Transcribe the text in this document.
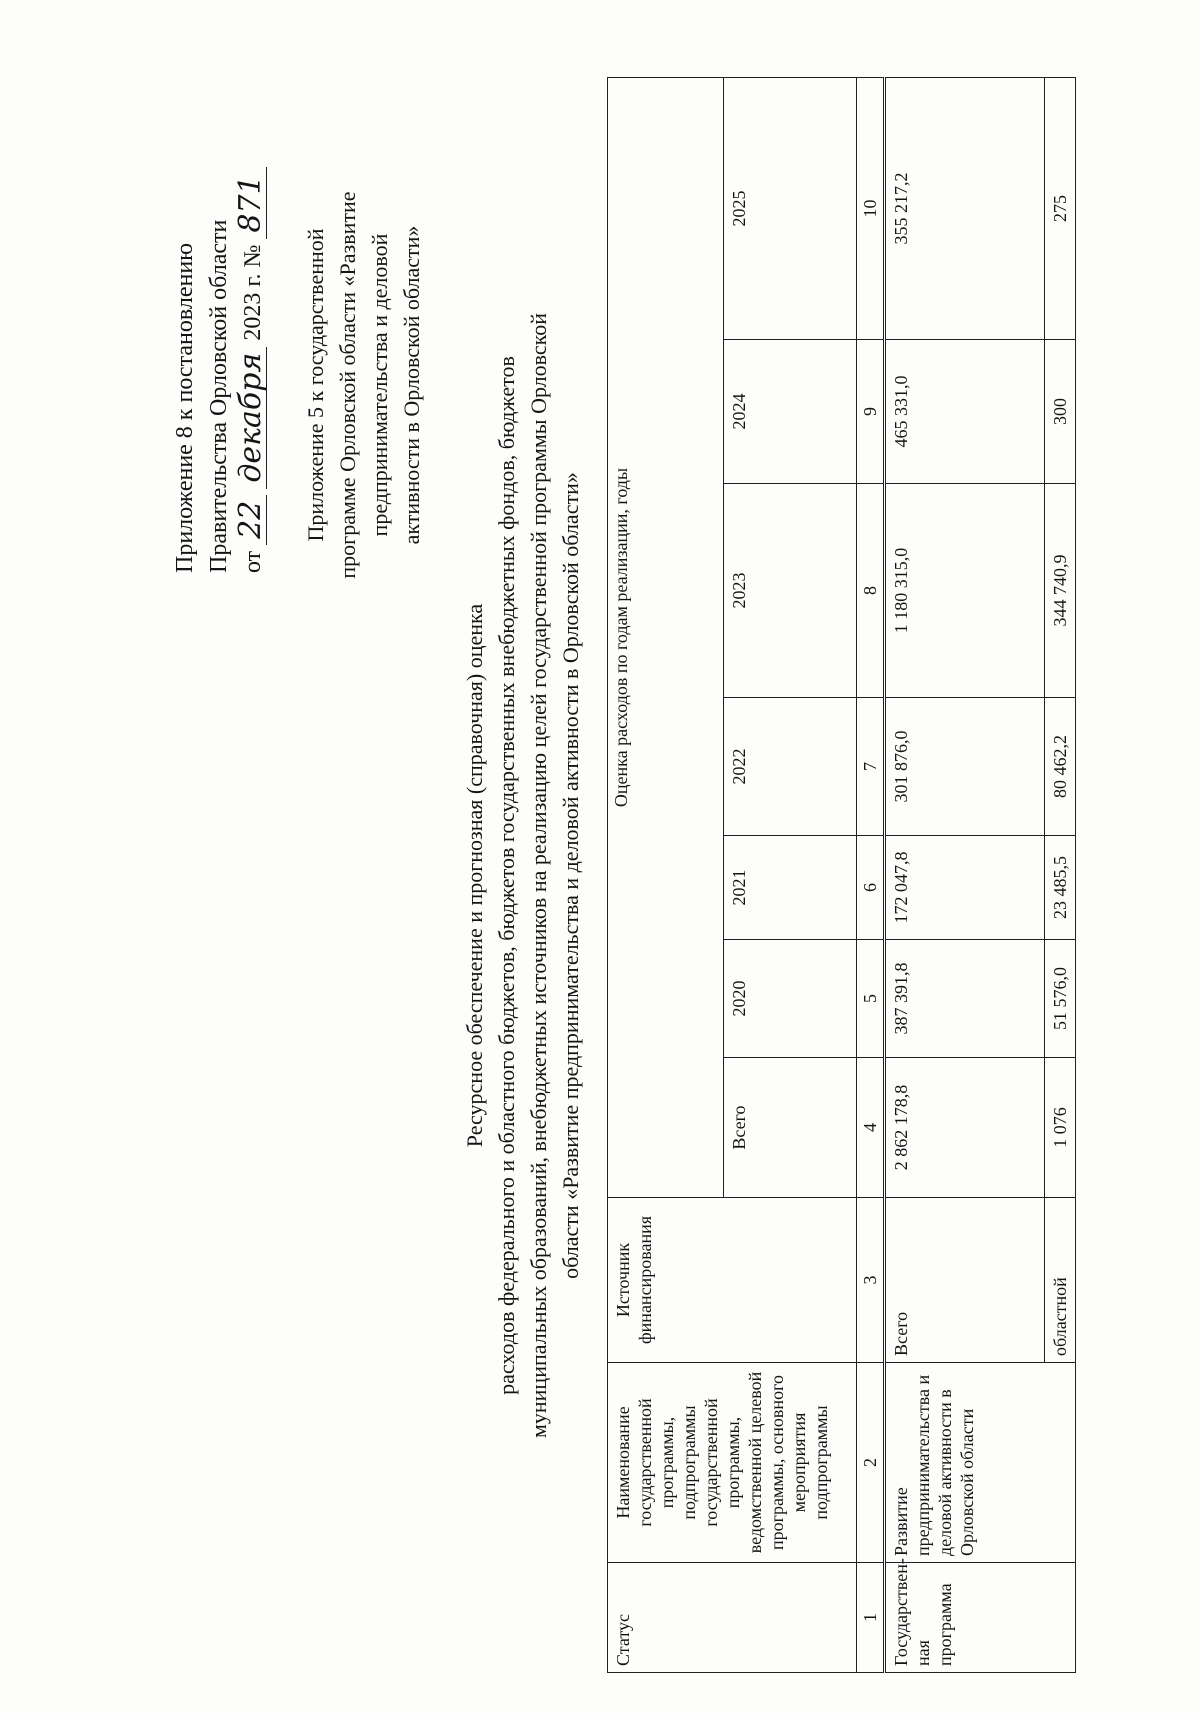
Приложение 8 к постановлению Правительства Орловской области от 22 декабря 2023 г. № 871
Приложение 5 к государственной программе Орловской области «Развитие предпринимательства и деловой активности в Орловской области»
Ресурсное обеспечение и прогнозная (справочная) оценка расходов федерального и областного бюджетов, бюджетов государственных внебюджетных фондов, бюджетов муниципальных образований, внебюджетных источников на реализацию целей государственной программы Орловской области «Развитие предпринимательства и деловой активности в Орловской области»
Статус	Наименование государственной программы, подпрограммы государственной программы, ведомственной целевой программы, основного мероприятия подпрограммы	Источник финансирования	Оценка расходов по годам реализации, годы						
			Всего	2020	2021	2022	2023	2024	2025
1	2	3	4	5	6	7	8	9	10
Государствен-ная программа	Развитие предпринимательства и деловой активности в Орловской области	Всего	2 862 178,8	387 391,8	172 047,8	301 876,0	1 180 315,0	465 331,0	355 217,2
		областной	1 076	51 576,0	23 485,5	80 462,2	344 740,9	300	275
